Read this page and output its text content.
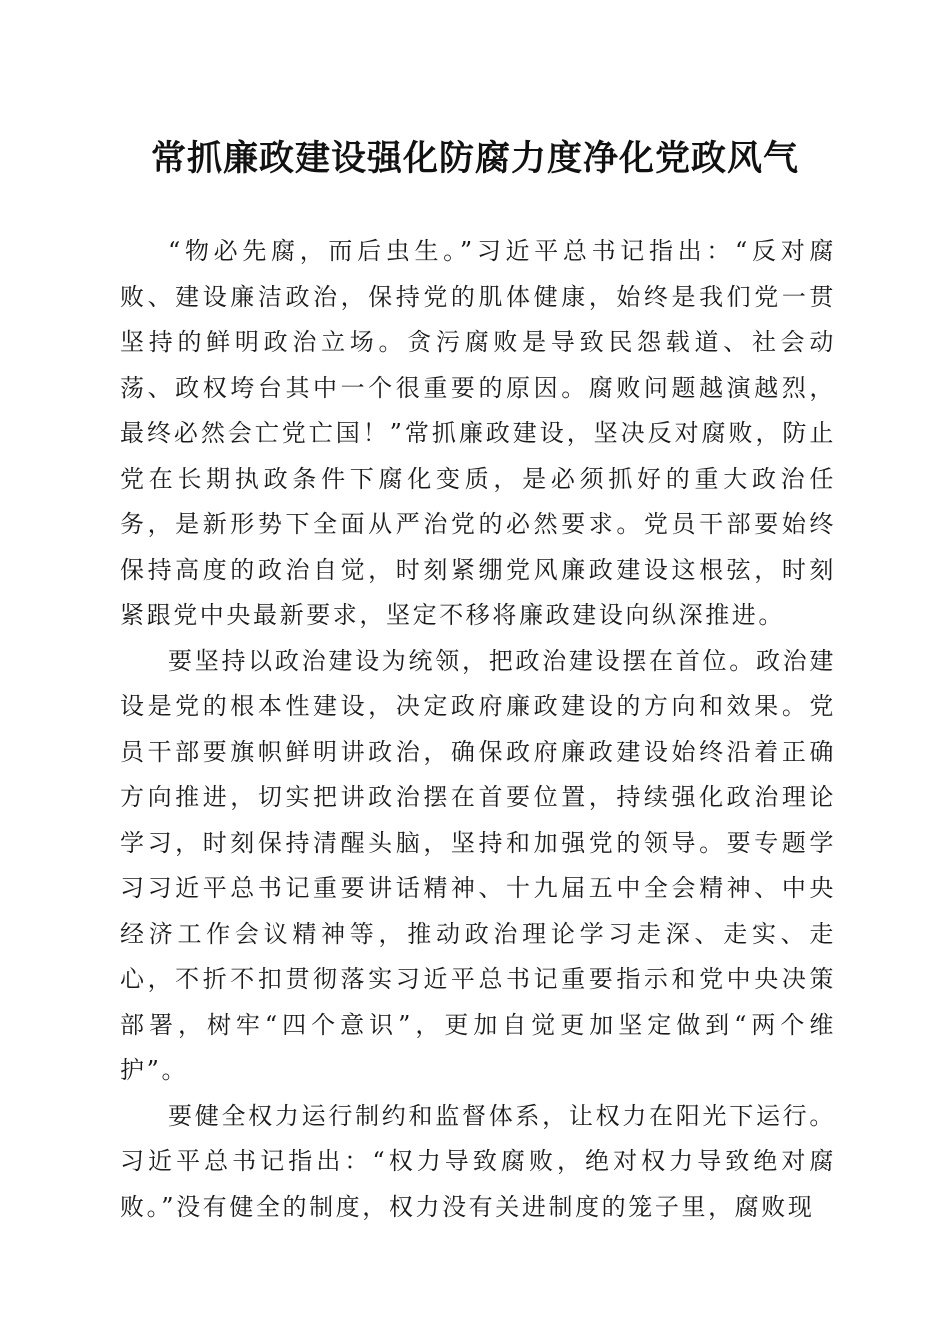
常抓廉政建设强化防腐力度净化党政风气

“物必先腐，而后虫生。”习近平总书记指出：“反对腐败、建设廉洁政治，保持党的肌体健康，始终是我们党一贯坚持的鲜明政治立场。贪污腐败是导致民怨载道、社会动荡、政权垮台其中一个很重要的原因。腐败问题越演越烈，最终必然会亡党亡国！”常抓廉政建设，坚决反对腐败，防止党在长期执政条件下腐化变质，是必须抓好的重大政治任务，是新形势下全面从严治党的必然要求。党员干部要始终保持高度的政治自觉，时刻紧绷党风廉政建设这根弦，时刻紧跟党中央最新要求，坚定不移将廉政建设向纵深推进。

要坚持以政治建设为统领，把政治建设摆在首位。政治建设是党的根本性建设，决定政府廉政建设的方向和效果。党员干部要旗帜鲜明讲政治，确保政府廉政建设始终沿着正确方向推进，切实把讲政治摆在首要位置，持续强化政治理论学习，时刻保持清醒头脑，坚持和加强党的领导。要专题学习习近平总书记重要讲话精神、十九届五中全会精神、中央经济工作会议精神等，推动政治理论学习走深、走实、走心，不折不扣贯彻落实习近平总书记重要指示和党中央决策部署，树牢“四个意识”，更加自觉更加坚定做到“两个维护”。

要健全权力运行制约和监督体系，让权力在阳光下运行。习近平总书记指出：“权力导致腐败，绝对权力导致绝对腐败。”没有健全的制度，权力没有关进制度的笼子里，腐败现
